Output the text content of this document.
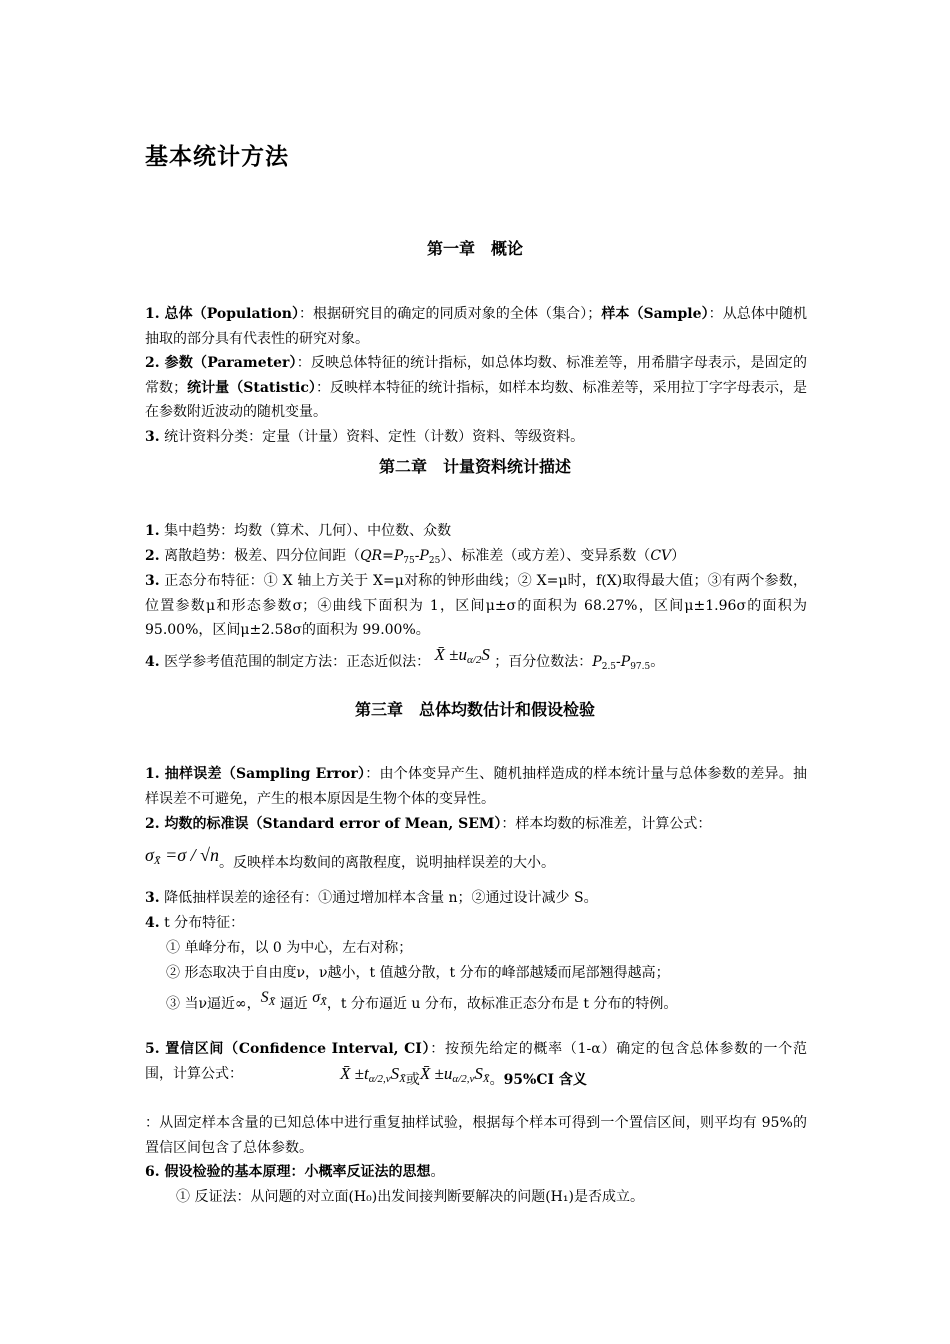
基本统计方法
第一章　概论
1. 总体（Population）：根据研究目的确定的同质对象的全体（集合）；样本（Sample）：从总体中随机抽取的部分具有代表性的研究对象。
2. 参数（Parameter）：反映总体特征的统计指标，如总体均数、标准差等，用希腊字母表示，是固定的常数；统计量（Statistic）：反映样本特征的统计指标，如样本均数、标准差等，采用拉丁字字母表示，是在参数附近波动的随机变量。
3. 统计资料分类：定量（计量）资料、定性（计数）资料、等级资料。
第二章　计量资料统计描述
1. 集中趋势：均数（算术、几何）、中位数、众数
2. 离散趋势：极差、四分位间距$(QR=P_{75}-P_{25})$、标准差（或方差）、变异系数（CV）
3. 正态分布特征：① X 轴上方关于 X=μ对称的钟形曲线；② X=μ时，f(X)取得最大值；③有两个参数，位置参数μ和形态参数σ；④曲线下面积为 1，区间μ±σ的面积为 68.27%，区间μ±1.96σ的面积为 95.00%，区间μ±2.58σ的面积为 99.00%。
4. 医学参考值范围的制定方法：正态近似法： X̄ $\pm u_{\alpha/2}S$ ；百分位数法：$P_{2.5}-P_{97.5}$。
第三章　总体均数估计和假设检验
1. 抽样误差（Sampling Error）：由个体变异产生、随机抽样造成的样本统计量与总体参数的差异。抽样误差不可避免，产生的根本原因是生物个体的变异性。
2. 均数的标准误（Standard error of Mean, SEM）：样本均数的标准差，计算公式：
$\sigma_{X̄} =\sigma / √n$。反映样本均数间的离散程度，说明抽样误差的大小。
3. 降低抽样误差的途径有：①通过增加样本含量 n；②通过设计减少 S。
4. t 分布特征：
① 单峰分布，以 0 为中心，左右对称；
② 形态取决于自由度ν，ν越小，t 值越分散，t 分布的峰部越矮而尾部翘得越高；
③ 当ν逼近∞，$S_{X̄}$ 逼近 $\sigma_{X̄}$，t 分布逼近 u 分布，故标准正态分布是 t 分布的特例。
5. 置信区间（Confidence Interval, CI）：按预先给定的概率（1-α）确定的包含总体参数的一个范围，计算公式：	X̄ $\pm t_{\alpha/2,\nu}S_{X̄}$或X̄ $\pm u_{\alpha/2,\nu}S_{X̄}$。95%CI 含义
：从固定样本含量的已知总体中进行重复抽样试验，根据每个样本可得到一个置信区间，则平均有 95%的置信区间包含了总体参数。
6. 假设检验的基本原理：小概率反证法的思想。
① 反证法：从问题的对立面(H₀)出发间接判断要解决的问题(H₁)是否成立。
